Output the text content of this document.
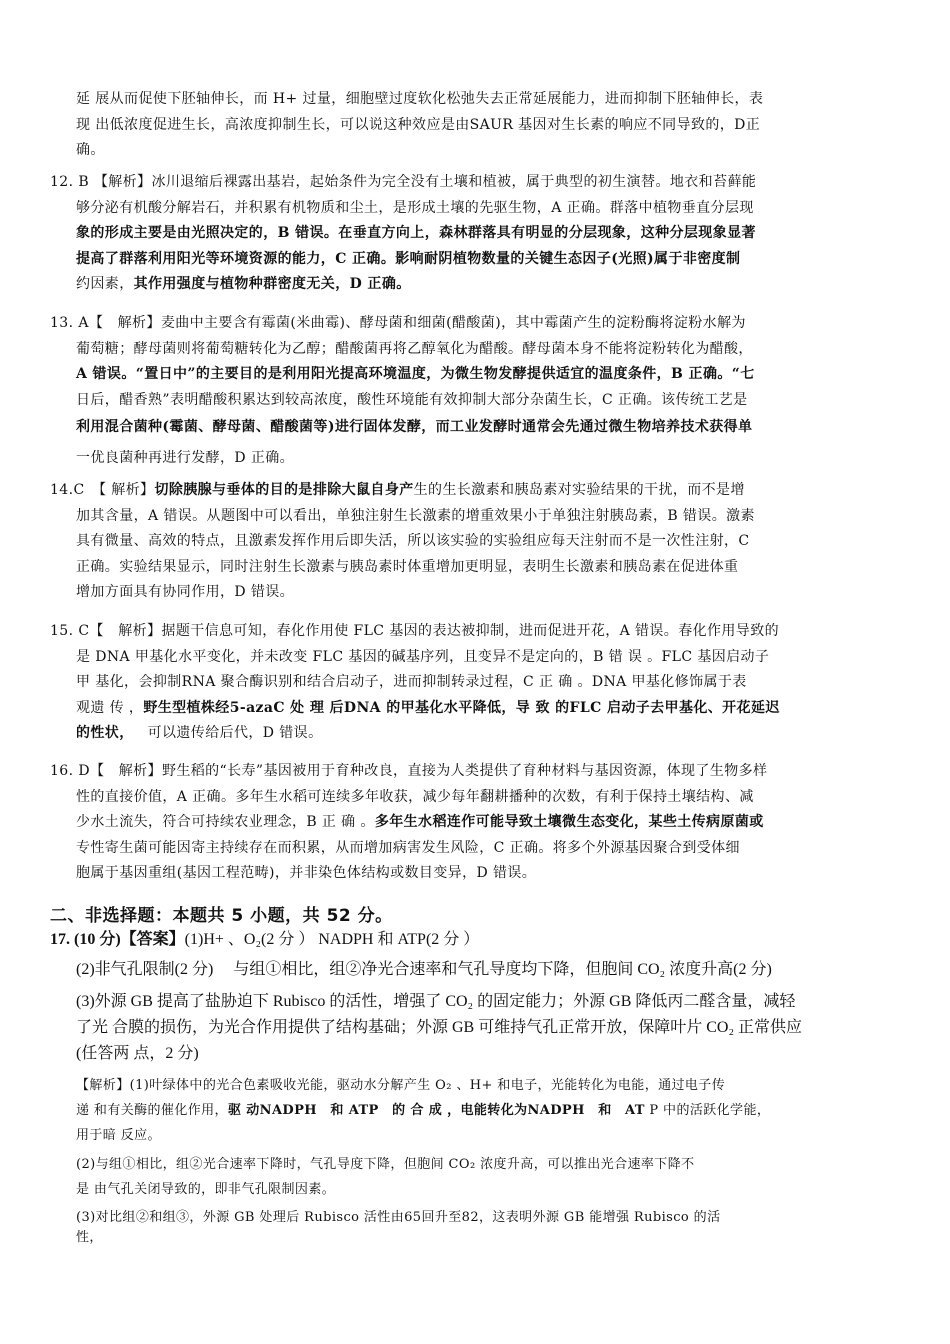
延 展从而促使下胚轴伸长，而 H+ 过量，细胞壁过度软化松弛失去正常延展能力，进而抑制下胚轴伸长，表
现 出低浓度促进生长，高浓度抑制生长，可以说这种效应是由SAUR 基因对生长素的响应不同导致的，D正
确。
12. B 【解析】冰川退缩后裸露出基岩，起始条件为完全没有土壤和植被，属于典型的初生演替。地衣和苔藓能
够分泌有机酸分解岩石，并积累有机物质和尘土，是形成土壤的先驱生物，A 正确。群落中植物垂直分层现
象的形成主要是由光照决定的，B 错误。在垂直方向上，森林群落具有明显的分层现象，这种分层现象显著
提高了群落利用阳光等环境资源的能力，C 正确。影响耐阴植物数量的关键生态因子(光照)属于非密度制
约因素，其作用强度与植物种群密度无关，D 正确。
13. A【　解析】麦曲中主要含有霉菌(米曲霉)、酵母菌和细菌(醋酸菌)，其中霉菌产生的淀粉酶将淀粉水解为
葡萄糖；酵母菌则将葡萄糖转化为乙醇；醋酸菌再将乙醇氧化为醋酸。酵母菌本身不能将淀粉转化为醋酸，
A 错误。“置日中”的主要目的是利用阳光提高环境温度，为微生物发酵提供适宜的温度条件，B 正确。“七
日后，醋香熟”表明醋酸积累达到较高浓度，酸性环境能有效抑制大部分杂菌生长，C 正确。该传统工艺是
利用混合菌种(霉菌、酵母菌、醋酸菌等)进行固体发酵，而工业发酵时通常会先通过微生物培养技术获得单
一优良菌种再进行发酵，D 正确。
14.C　【 解析】切除胰腺与垂体的目的是排除大鼠自身产生的生长激素和胰岛素对实验结果的干扰，而不是增
加其含量，A 错误。从题图中可以看出，单独注射生长激素的增重效果小于单独注射胰岛素，B 错误。激素
具有微量、高效的特点，且激素发挥作用后即失活，所以该实验的实验组应每天注射而不是一次性注射，C
正确。实验结果显示，同时注射生长激素与胰岛素时体重增加更明显，表明生长激素和胰岛素在促进体重
增加方面具有协同作用，D 错误。
15. C【　解析】据题干信息可知，春化作用使 FLC 基因的表达被抑制，进而促进开花，A 错误。春化作用导致的
是 DNA 甲基化水平变化，并未改变 FLC 基因的碱基序列，且变异不是定向的，B 错 误 。FLC 基因启动子
甲 基化，会抑制RNA 聚合酶识别和结合启动子，进而抑制转录过程，C 正 确 。DNA 甲基化修饰属于表
观遗 传 ，野生型植株经5-azaC 处 理 后DNA 的甲基化水平降低，导 致 的FLC 启动子去甲基化、开花延迟
的性状， 可以遗传给后代，D 错误。
16. D【　解析】野生稻的“长寿”基因被用于育种改良，直接为人类提供了育种材料与基因资源，体现了生物多样
性的直接价值，A 正确。多年生水稻可连续多年收获，减少每年翻耕播种的次数，有利于保持土壤结构、减
少水土流失，符合可持续农业理念，B 正 确 。多年生水稻连作可能导致土壤微生态变化，某些土传病原菌或
专性寄生菌可能因寄主持续存在而积累，从而增加病害发生风险，C 正确。将多个外源基因聚合到受体细
胞属于基因重组(基因工程范畴)，并非染色体结构或数目变异，D 错误。
二、非选择题：本题共 5 小题，共 52 分。
17. (10 分)【答案】(1)H+ 、O₂(2 分 ） NADPH 和 ATP(2 分 ）
(2)非气孔限制(2 分)　 与组①相比，组②净光合速率和气孔导度均下降，但胞间 CO₂ 浓度升高(2 分)
(3)外源 GB 提高了盐胁迫下 Rubisco 的活性，增强了 CO₂ 的固定能力；外源 GB 降低丙二醛含量，减轻
了光 合膜的损伤，为光合作用提供了结构基础；外源 GB 可维持气孔正常开放，保障叶片 CO₂ 正常供应
(任答两 点，2 分)
【解析】(1)叶绿体中的光合色素吸收光能，驱动水分解产生 O₂ 、H+ 和电子，光能转化为电能，通过电子传
递 和有关酶的催化作用，驱 动NADPH　和 ATP　的 合 成 ，电能转化为NADPH　和　AT P 中的活跃化学能，
用于暗 反应。
(2)与组①相比，组②光合速率下降时，气孔导度下降，但胞间 CO₂ 浓度升高，可以推出光合速率下降不
是 由气孔关闭导致的，即非气孔限制因素。
(3)对比组②和组③，外源 GB 处理后 Rubisco 活性由65回升至82，这表明外源 GB 能增强 Rubisco 的活
性，
